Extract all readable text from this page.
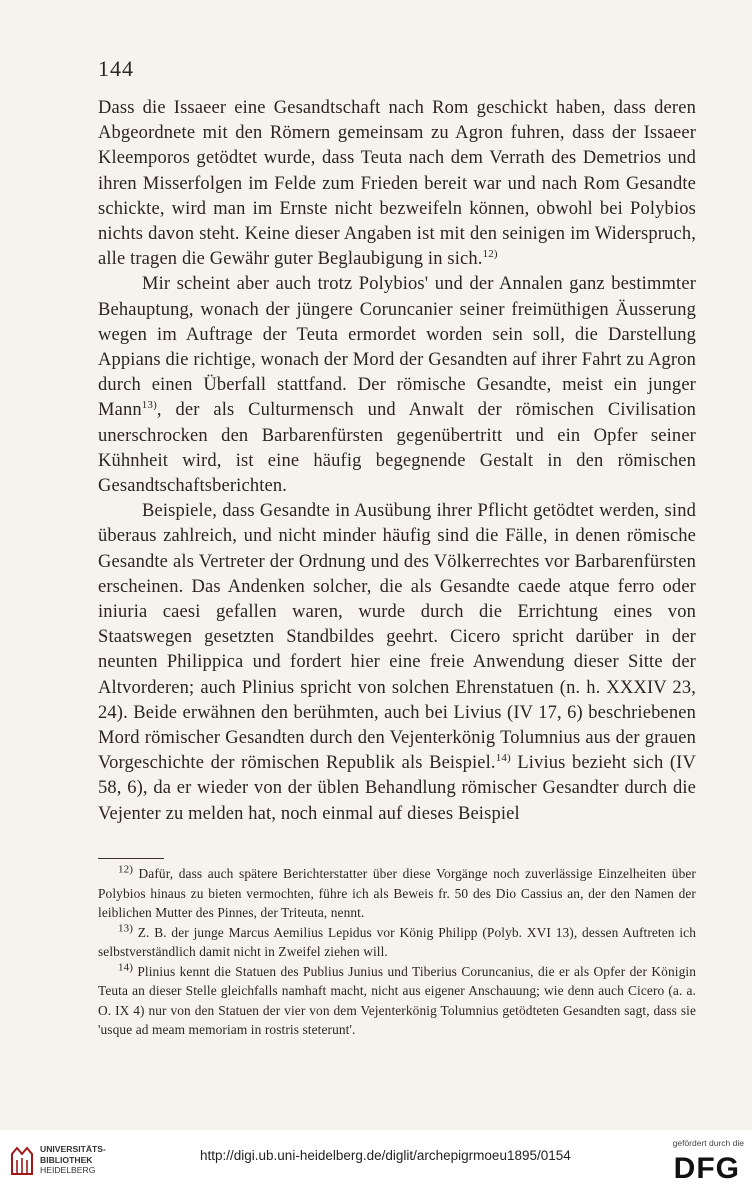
144

Dass die Issaeer eine Gesandtschaft nach Rom geschickt haben, dass deren Abgeordnete mit den Römern gemeinsam zu Agron fuhren, dass der Issaeer Kleemporos getödtet wurde, dass Teuta nach dem Verrath des Demetrios und ihren Misserfolgen im Felde zum Frieden bereit war und nach Rom Gesandte schickte, wird man im Ernste nicht bezweifeln können, obwohl bei Polybios nichts davon steht. Keine dieser Angaben ist mit den seinigen im Widerspruch, alle tragen die Gewähr guter Beglaubigung in sich.$^{12)}$

Mir scheint aber auch trotz Polybios' und der Annalen ganz bestimmter Behauptung, wonach der jüngere Coruncanier seiner freimüthigen Äusserung wegen im Auftrage der Teuta ermordet worden sein soll, die Darstellung Appians die richtige, wonach der Mord der Gesandten auf ihrer Fahrt zu Agron durch einen Überfall stattfand. Der römische Gesandte, meist ein junger Mann$^{13)}$, der als Culturmensch und Anwalt der römischen Civilisation unerschrocken den Barbarenfürsten gegenübertritt und ein Opfer seiner Kühnheit wird, ist eine häufig begegnende Gestalt in den römischen Gesandtschaftsberichten.

Beispiele, dass Gesandte in Ausübung ihrer Pflicht getödtet werden, sind überaus zahlreich, und nicht minder häufig sind die Fälle, in denen römische Gesandte als Vertreter der Ordnung und des Völkerrechtes vor Barbarenfürsten erscheinen. Das Andenken solcher, die als Gesandte caede atque ferro oder iniuria caesi gefallen waren, wurde durch die Errichtung eines von Staatswegen gesetzten Standbildes geehrt. Cicero spricht darüber in der neunten Philippica und fordert hier eine freie Anwendung dieser Sitte der Altvorderen; auch Plinius spricht von solchen Ehrenstatuen (n. h. XXXIV 23, 24). Beide erwähnen den berühmten, auch bei Livius (IV 17, 6) beschriebenen Mord römischer Gesandten durch den Vejenterkönig Tolumnius aus der grauen Vorgeschichte der römischen Republik als Beispiel.$^{14)}$ Livius bezieht sich (IV 58, 6), da er wieder von der üblen Behandlung römischer Gesandter durch die Vejenter zu melden hat, noch einmal auf dieses Beispiel

$^{12)}$ Dafür, dass auch spätere Berichterstatter über diese Vorgänge noch zuverlässige Einzelheiten über Polybios hinaus zu bieten vermochten, führe ich als Beweis fr. 50 des Dio Cassius an, der den Namen der leiblichen Mutter des Pinnes, der Triteuta, nennt.

$^{13)}$ Z. B. der junge Marcus Aemilius Lepidus vor König Philipp (Polyb. XVI 13), dessen Auftreten ich selbstverständlich damit nicht in Zweifel ziehen will.

$^{14)}$ Plinius kennt die Statuen des Publius Junius und Tiberius Coruncanius, die er als Opfer der Königin Teuta an dieser Stelle gleichfalls namhaft macht, nicht aus eigener Anschauung; wie denn auch Cicero (a. a. O. IX 4) nur von den Statuen der vier von dem Vejenterkönig Tolumnius getödteten Gesandten sagt, dass sie 'usque ad meam memoriam in rostris steterunt'.

UNIVERSITÄTS-
BIBLIOTHEK
HEIDELBERG
http://digi.ub.uni-heidelberg.de/diglit/archepigrmoeu1895/0154
gefördert durch die
DFG
